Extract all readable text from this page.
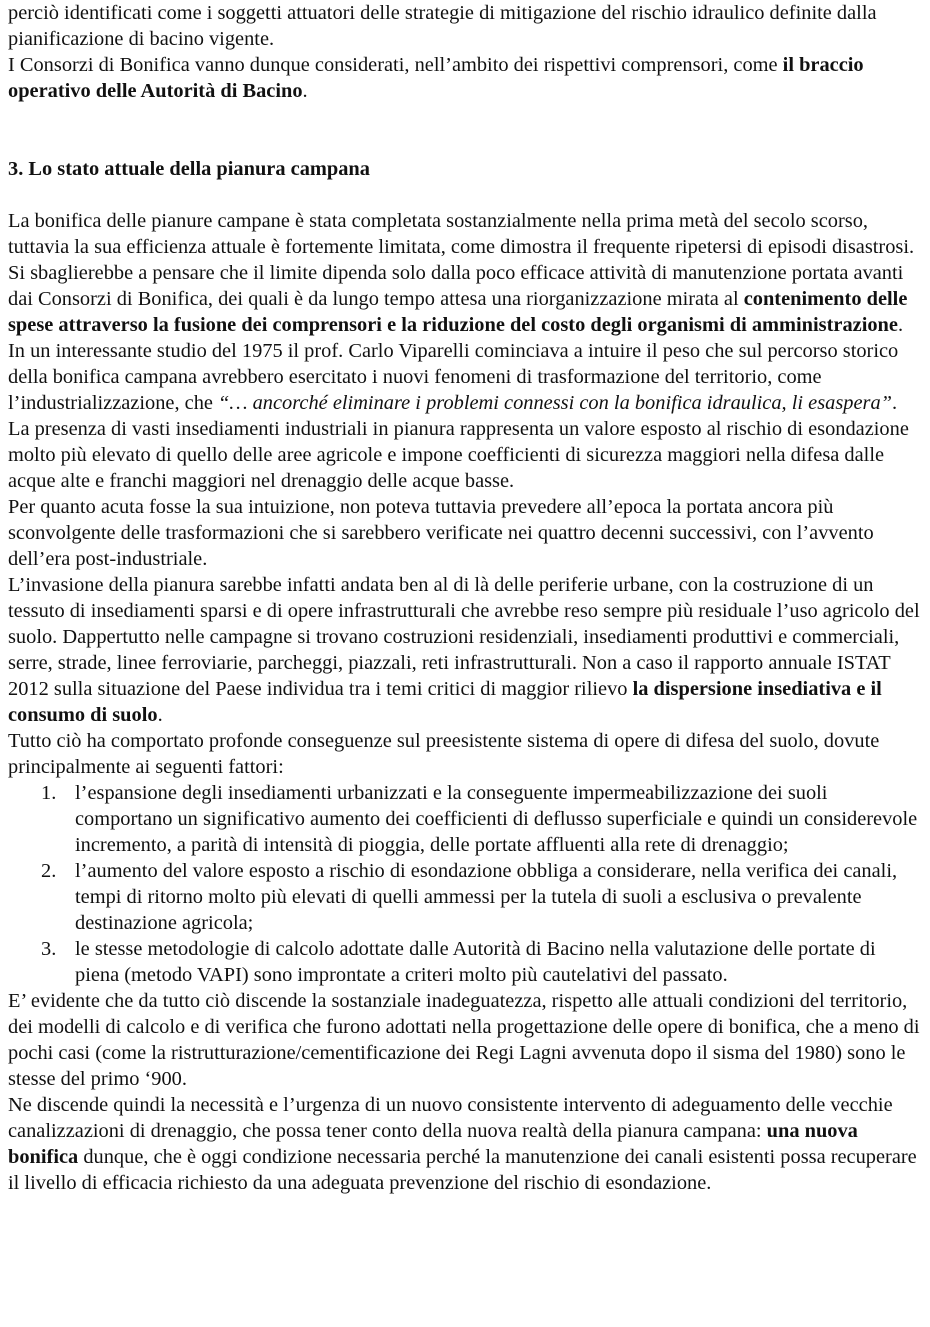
perciò identificati come i soggetti attuatori delle strategie di mitigazione del rischio idraulico definite dalla pianificazione di bacino vigente.

I Consorzi di Bonifica vanno dunque considerati, nell’ambito dei rispettivi comprensori, come il braccio operativo delle Autorità di Bacino.

3. Lo stato attuale della pianura campana

La bonifica delle pianure campane è stata completata sostanzialmente nella prima metà del secolo scorso, tuttavia la sua efficienza attuale è fortemente limitata, come dimostra il frequente ripetersi di episodi disastrosi.

Si sbaglierebbe a pensare che il limite dipenda solo dalla poco efficace attività di manutenzione portata avanti dai Consorzi di Bonifica, dei quali è da lungo tempo attesa una riorganizzazione mirata al contenimento delle spese attraverso la fusione dei comprensori e la riduzione del costo degli organismi di amministrazione.

In un interessante studio del 1975 il prof. Carlo Viparelli cominciava a intuire il peso che sul percorso storico della bonifica campana avrebbero esercitato i nuovi fenomeni di trasformazione del territorio, come l’industrializzazione, che “… ancorché eliminare i problemi connessi con la bonifica idraulica, li esaspera”.

La presenza di vasti insediamenti industriali in pianura rappresenta un valore esposto al rischio di esondazione molto più elevato di quello delle aree agricole e impone coefficienti di sicurezza maggiori nella difesa dalle acque alte e franchi maggiori nel drenaggio delle acque basse.

Per quanto acuta fosse la sua intuizione, non poteva tuttavia prevedere all’epoca la portata ancora più sconvolgente delle trasformazioni che si sarebbero verificate nei quattro decenni successivi, con l’avvento dell’era post-industriale.

L’invasione della pianura sarebbe infatti andata ben al di là delle periferie urbane, con la costruzione di un tessuto di insediamenti sparsi e di opere infrastrutturali che avrebbe reso sempre più residuale l’uso agricolo del suolo. Dappertutto nelle campagne si trovano costruzioni residenziali, insediamenti produttivi e commerciali, serre, strade, linee ferroviarie, parcheggi, piazzali, reti infrastrutturali. Non a caso il rapporto annuale ISTAT 2012 sulla situazione del Paese individua tra i temi critici di maggior rilievo la dispersione insediativa e il consumo di suolo.

Tutto ciò ha comportato profonde conseguenze sul preesistente sistema di opere di difesa del suolo, dovute principalmente ai seguenti fattori:

1. l’espansione degli insediamenti urbanizzati e la conseguente impermeabilizzazione dei suoli comportano un significativo aumento dei coefficienti di deflusso superficiale e quindi un considerevole incremento, a parità di intensità di pioggia, delle portate affluenti alla rete di drenaggio;
2. l’aumento del valore esposto a rischio di esondazione obbliga a considerare, nella verifica dei canali, tempi di ritorno molto più elevati di quelli ammessi per la tutela di suoli a esclusiva o prevalente destinazione agricola;
3. le stesse metodologie di calcolo adottate dalle Autorità di Bacino nella valutazione delle portate di piena (metodo VAPI) sono improntate a criteri molto più cautelativi del passato.

E’ evidente che da tutto ciò discende la sostanziale inadeguatezza, rispetto alle attuali condizioni del territorio, dei modelli di calcolo e di verifica che furono adottati nella progettazione delle opere di bonifica, che a meno di pochi casi (come la ristrutturazione/cementificazione dei Regi Lagni avvenuta dopo il sisma del 1980) sono le stesse del primo ‘900.

Ne discende quindi la necessità e l’urgenza di un nuovo consistente intervento di adeguamento delle vecchie canalizzazioni di drenaggio, che possa tener conto della nuova realtà della pianura campana: una nuova bonifica dunque, che è oggi condizione necessaria perché la manutenzione dei canali esistenti possa recuperare il livello di efficacia richiesto da una adeguata prevenzione del rischio di esondazione.
